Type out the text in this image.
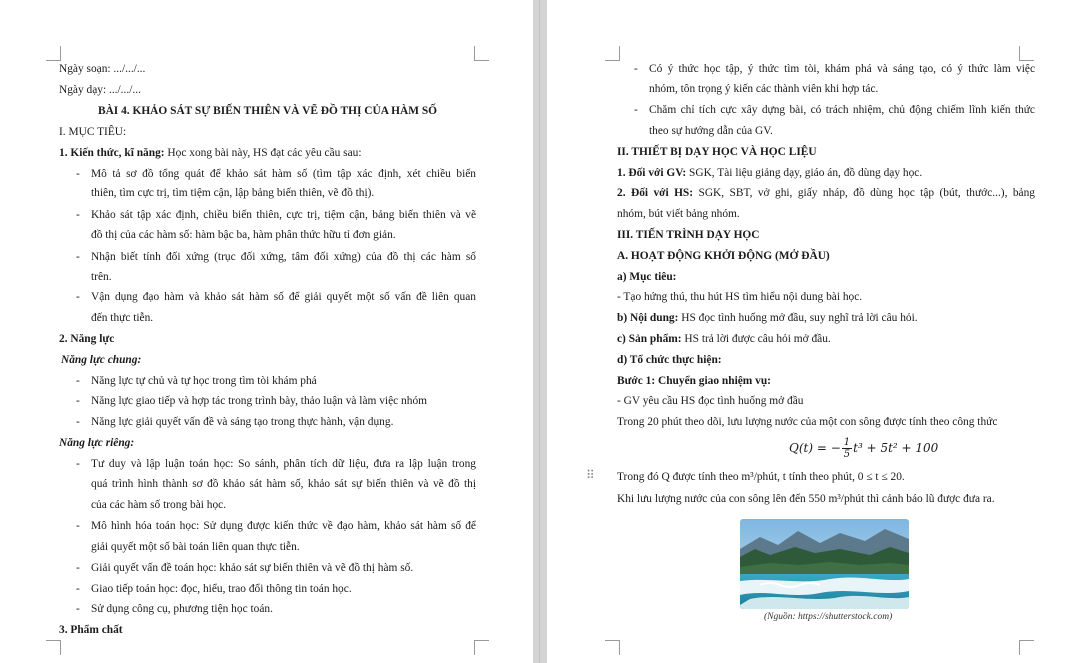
Ngày soạn: .../.../...
Ngày dạy: .../.../...
BÀI 4. KHẢO SÁT SỰ BIẾN THIÊN VÀ VẼ ĐỒ THỊ CỦA HÀM SỐ
I. MỤC TIÊU:
1. Kiến thức, kĩ năng: Học xong bài này, HS đạt các yêu cầu sau:
- Mô tả sơ đồ tổng quát để khảo sát hàm số (tìm tập xác định, xét chiều biến
thiên, tìm cực trị, tìm tiệm cận, lập bảng biến thiên, vẽ đồ thị).
- Khảo sát tập xác định, chiều biến thiên, cực trị, tiệm cận, bảng biến thiên và vẽ
đồ thị của các hàm số: hàm bậc ba, hàm phân thức hữu tỉ đơn giản.
- Nhận biết tính đối xứng (trục đối xứng, tâm đối xứng) của đồ thị các hàm số
trên.
- Vận dụng đạo hàm và khảo sát hàm số để giải quyết một số vấn đề liên quan
đến thực tiễn.
2. Năng lực
Năng lực chung:
- Năng lực tự chủ và tự học trong tìm tòi khám phá
- Năng lực giao tiếp và hợp tác trong trình bày, thảo luận và làm việc nhóm
- Năng lực giải quyết vấn đề và sáng tạo trong thực hành, vận dụng.
Năng lực riêng:
- Tư duy và lập luận toán học: So sánh, phân tích dữ liệu, đưa ra lập luận trong
quá trình hình thành sơ đồ khảo sát hàm số, khảo sát sự biến thiên và vẽ đồ thị
của các hàm số trong bài học.
- Mô hình hóa toán học: Sử dụng được kiến thức về đạo hàm, khảo sát hàm số để
giải quyết một số bài toán liên quan thực tiễn.
- Giải quyết vấn đề toán học: khảo sát sự biến thiên và vẽ đồ thị hàm số.
- Giao tiếp toán học: đọc, hiểu, trao đổi thông tin toán học.
- Sử dụng công cụ, phương tiện học toán.
3. Phẩm chất
- Có ý thức học tập, ý thức tìm tòi, khám phá và sáng tạo, có ý thức làm việc
nhóm, tôn trọng ý kiến các thành viên khi hợp tác.
- Chăm chỉ tích cực xây dựng bài, có trách nhiệm, chủ động chiếm lĩnh kiến thức
theo sự hướng dẫn của GV.
II. THIẾT BỊ DẠY HỌC VÀ HỌC LIỆU
1. Đối với GV: SGK, Tài liệu giảng dạy, giáo án, đồ dùng dạy học.
2. Đối với HS: SGK, SBT, vở ghi, giấy nháp, đồ dùng học tập (bút, thước...), bảng
nhóm, bút viết bảng nhóm.
III. TIẾN TRÌNH DẠY HỌC
A. HOẠT ĐỘNG KHỞI ĐỘNG (MỞ ĐẦU)
a) Mục tiêu:
- Tạo hứng thú, thu hút HS tìm hiểu nội dung bài học.
b) Nội dung: HS đọc tình huống mở đầu, suy nghĩ trả lời câu hỏi.
c) Sản phẩm: HS trả lời được câu hỏi mở đầu.
d) Tổ chức thực hiện:
Bước 1: Chuyển giao nhiệm vụ:
- GV yêu cầu HS đọc tình huống mở đầu
Trong 20 phút theo dõi, lưu lượng nước của một con sông được tính theo công thức
Q(t) = − $\frac{1}{5} t^3 + 5t^2 + 100$
⠿ Trong đó Q được tính theo m³/phút, t tính theo phút, 0 ≤ t ≤ 20.
Khi lưu lượng nước của con sông lên đến 550 m³/phút thì cảnh báo lũ được đưa ra.
(Nguồn: https://shutterstock.com)
